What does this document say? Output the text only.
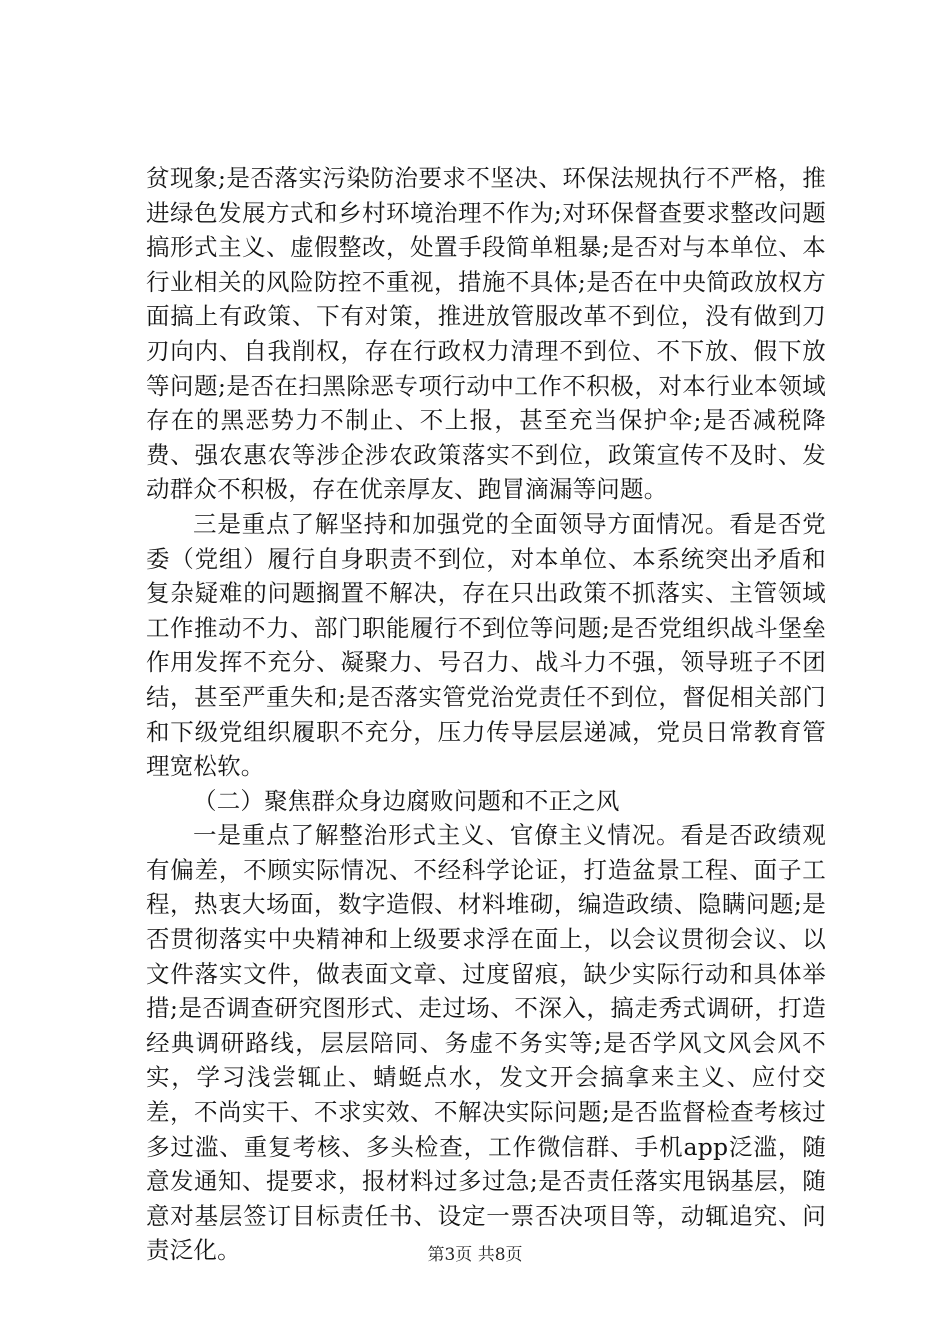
贫现象;是否落实污染防治要求不坚决、环保法规执行不严格，推进绿色发展方式和乡村环境治理不作为;对环保督查要求整改问题搞形式主义、虚假整改，处置手段简单粗暴;是否对与本单位、本行业相关的风险防控不重视，措施不具体;是否在中央简政放权方面搞上有政策、下有对策，推进放管服改革不到位，没有做到刀刃向内、自我削权，存在行政权力清理不到位、不下放、假下放等问题;是否在扫黑除恶专项行动中工作不积极，对本行业本领域存在的黑恶势力不制止、不上报，甚至充当保护伞;是否减税降费、强农惠农等涉企涉农政策落实不到位，政策宣传不及时、发动群众不积极，存在优亲厚友、跑冒滴漏等问题。

三是重点了解坚持和加强党的全面领导方面情况。看是否党委（党组）履行自身职责不到位，对本单位、本系统突出矛盾和复杂疑难的问题搁置不解决，存在只出政策不抓落实、主管领域工作推动不力、部门职能履行不到位等问题;是否党组织战斗堡垒作用发挥不充分、凝聚力、号召力、战斗力不强，领导班子不团结，甚至严重失和;是否落实管党治党责任不到位，督促相关部门和下级党组织履职不充分，压力传导层层递减，党员日常教育管理宽松软。

（二）聚焦群众身边腐败问题和不正之风

一是重点了解整治形式主义、官僚主义情况。看是否政绩观有偏差，不顾实际情况、不经科学论证，打造盆景工程、面子工程，热衷大场面，数字造假、材料堆砌，编造政绩、隐瞒问题;是否贯彻落实中央精神和上级要求浮在面上，以会议贯彻会议、以文件落实文件，做表面文章、过度留痕，缺少实际行动和具体举措;是否调查研究图形式、走过场、不深入，搞走秀式调研，打造经典调研路线，层层陪同、务虚不务实等;是否学风文风会风不实，学习浅尝辄止、蜻蜓点水，发文开会搞拿来主义、应付交差，不尚实干、不求实效、不解决实际问题;是否监督检查考核过多过滥、重复考核、多头检查，工作微信群、手机app泛滥，随意发通知、提要求，报材料过多过急;是否责任落实甩锅基层，随意对基层签订目标责任书、设定一票否决项目等，动辄追究、问责泛化。	第3页 共8页
